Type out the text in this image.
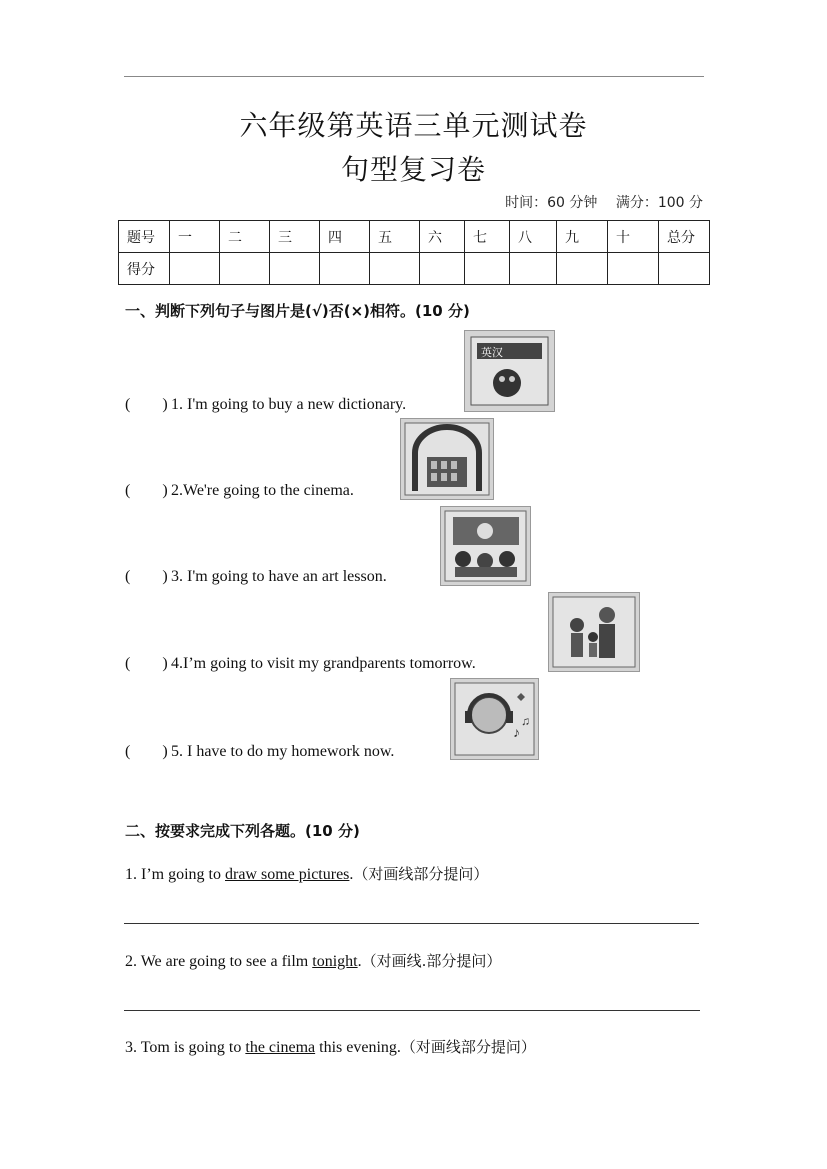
六年级第英语三单元测试卷
句型复习卷
时间：60 分钟 满分：100 分
题号	一	二	三	四	五	六	七	八	九	十	总分
得分											
一、判断下列句子与图片是(√)否(×)相符。(10 分)
( ) 1. I'm going to buy a new dictionary.
英汉
( ) 2.We're going to the cinema.
( ) 3. I'm going to have an art lesson.
( ) 4.I’m going to visit my grandparents tomorrow.
( ) 5. I have to do my homework now.
♪
♫
二、按要求完成下列各题。(10 分)
1. I’m going to draw some pictures.（对画线部分提问）
2. We are going to see a film tonight.（对画线.部分提问）
3. Tom is going to the cinema this evening.（对画线部分提问）
